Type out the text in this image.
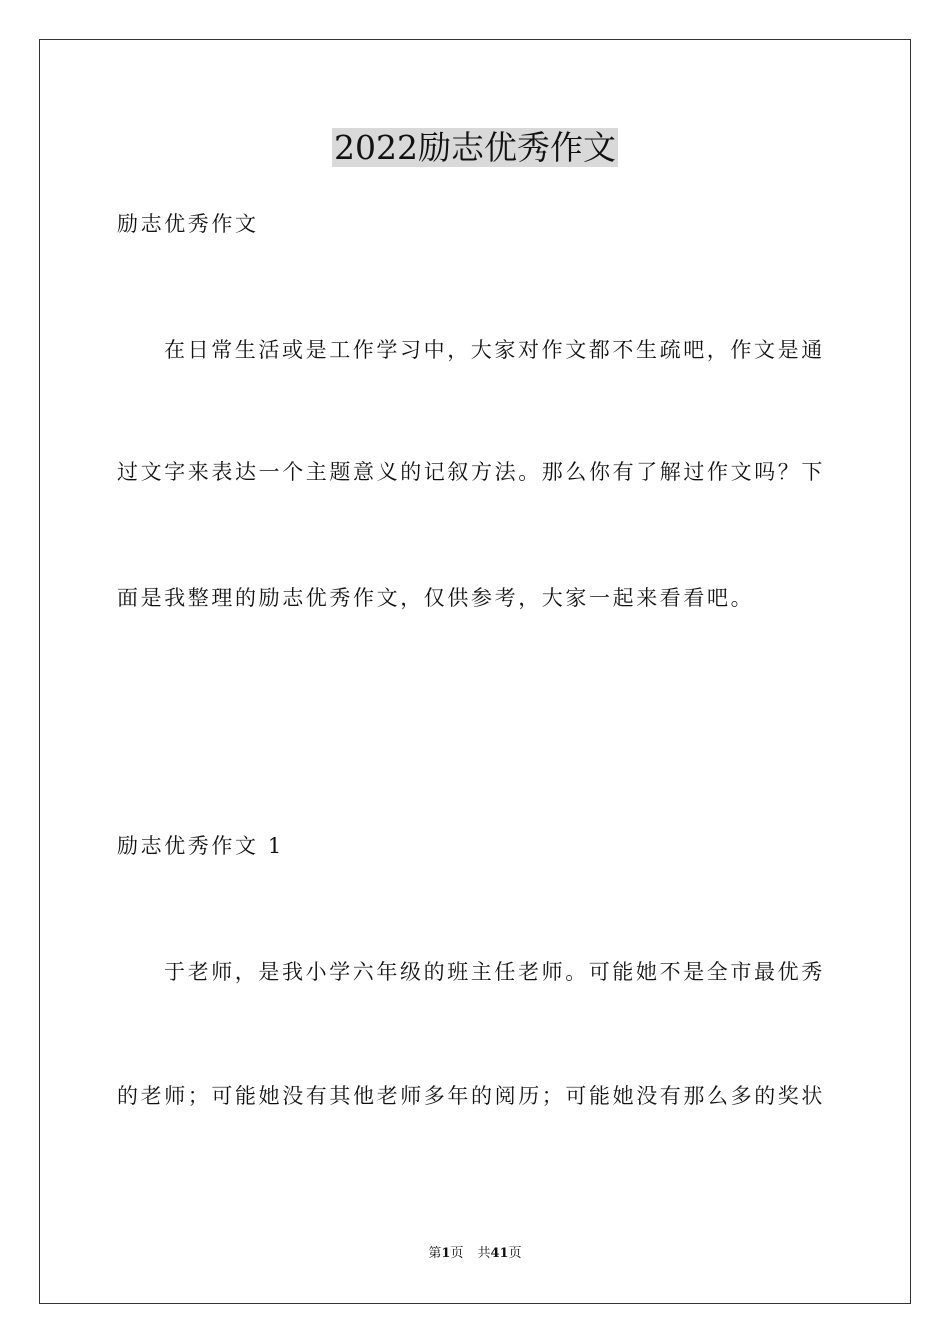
2022励志优秀作文
励志优秀作文
在日常生活或是工作学习中，大家对作文都不生疏吧，作文是通
过文字来表达一个主题意义的记叙方法。那么你有了解过作文吗？下
面是我整理的励志优秀作文，仅供参考，大家一起来看看吧。
励志优秀作文 1
于老师，是我小学六年级的班主任老师。可能她不是全市最优秀
的老师；可能她没有其他老师多年的阅历；可能她没有那么多的奖状
第1页 共41页
